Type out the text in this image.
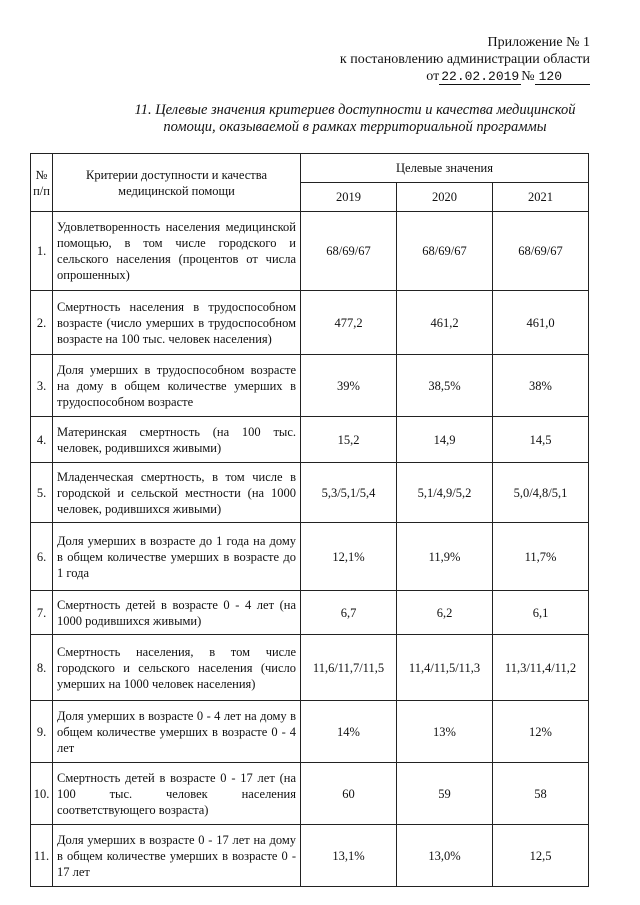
Приложение № 1
к постановлению администрации области
от 22.02.2019 № 120
11. Целевые значения критериев доступности и качества медицинской помощи, оказываемой в рамках территориальной программы
№ п/п	Критерии доступности и качества медицинской помощи	Целевые значения		
		2019	2020	2021
1.	Удовлетворенность населения медицинской помощью, в том числе городского и сельского населения (процентов от числа опрошенных)	68/69/67	68/69/67	68/69/67
2.	Смертность населения в трудоспособном возрасте (число умерших в трудоспособном возрасте на 100 тыс. человек населения)	477,2	461,2	461,0
3.	Доля умерших в трудоспособном возрасте на дому в общем количестве умерших в трудоспособном возрасте	39%	38,5%	38%
4.	Материнская смертность (на 100 тыс. человек, родившихся живыми)	15,2	14,9	14,5
5.	Младенческая смертность, в том числе в городской и сельской местности (на 1000 человек, родившихся живыми)	5,3/5,1/5,4	5,1/4,9/5,2	5,0/4,8/5,1
6.	Доля умерших в возрасте до 1 года на дому в общем количестве умерших в возрасте до 1 года	12,1%	11,9%	11,7%
7.	Смертность детей в возрасте 0 - 4 лет (на 1000 родившихся живыми)	6,7	6,2	6,1
8.	Смертность населения, в том числе городского и сельского населения (число умерших на 1000 человек населения)	11,6/11,7/11,5	11,4/11,5/11,3	11,3/11,4/11,2
9.	Доля умерших в возрасте 0 - 4 лет на дому в общем количестве умерших в возрасте 0 - 4 лет	14%	13%	12%
10.	Смертность детей в возрасте 0 - 17 лет (на 100 тыс. человек населения соответствующего возраста)	60	59	58
11.	Доля умерших в возрасте 0 - 17 лет на дому в общем количестве умерших в возрасте 0 - 17 лет	13,1%	13,0%	12,5
